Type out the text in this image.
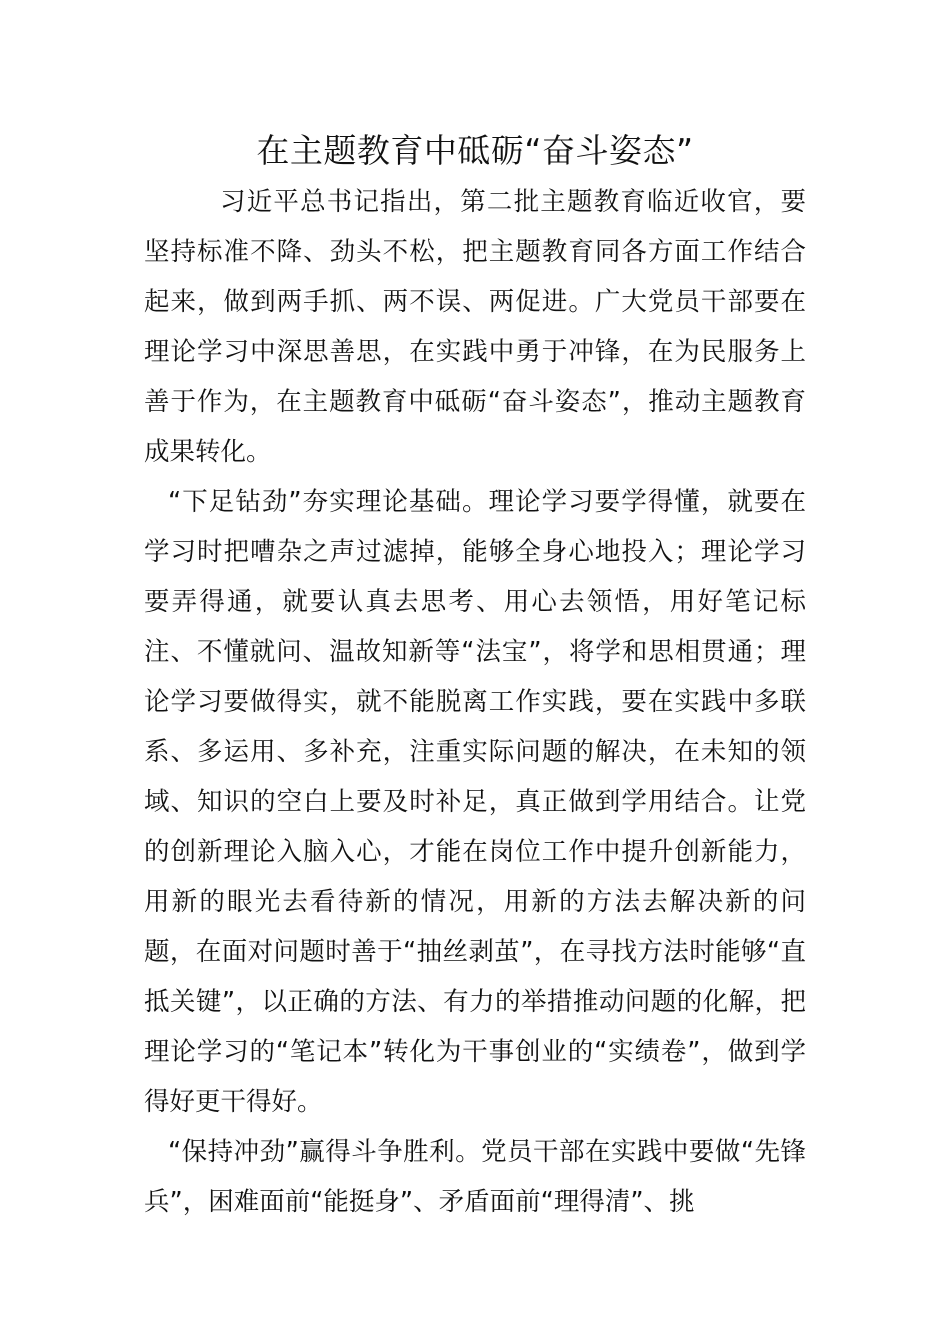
在主题教育中砥砺“奋斗姿态”

习近平总书记指出，第二批主题教育临近收官，要坚持标准不降、劲头不松，把主题教育同各方面工作结合起来，做到两手抓、两不误、两促进。广大党员干部要在理论学习中深思善思，在实践中勇于冲锋，在为民服务上善于作为，在主题教育中砥砺“奋斗姿态”，推动主题教育成果转化。

“下足钻劲”夯实理论基础。理论学习要学得懂，就要在学习时把嘈杂之声过滤掉，能够全身心地投入；理论学习要弄得通，就要认真去思考、用心去领悟，用好笔记标注、不懂就问、温故知新等“法宝”，将学和思相贯通；理论学习要做得实，就不能脱离工作实践，要在实践中多联系、多运用、多补充，注重实际问题的解决，在未知的领域、知识的空白上要及时补足，真正做到学用结合。让党的创新理论入脑入心，才能在岗位工作中提升创新能力，用新的眼光去看待新的情况，用新的方法去解决新的问题，在面对问题时善于“抽丝剥茧”，在寻找方法时能够“直抵关键”，以正确的方法、有力的举措推动问题的化解，把理论学习的“笔记本”转化为干事创业的“实绩卷”，做到学得好更干得好。

“保持冲劲”赢得斗争胜利。党员干部在实践中要做“先锋兵”，困难面前“能挺身”、矛盾面前“理得清”、挑
